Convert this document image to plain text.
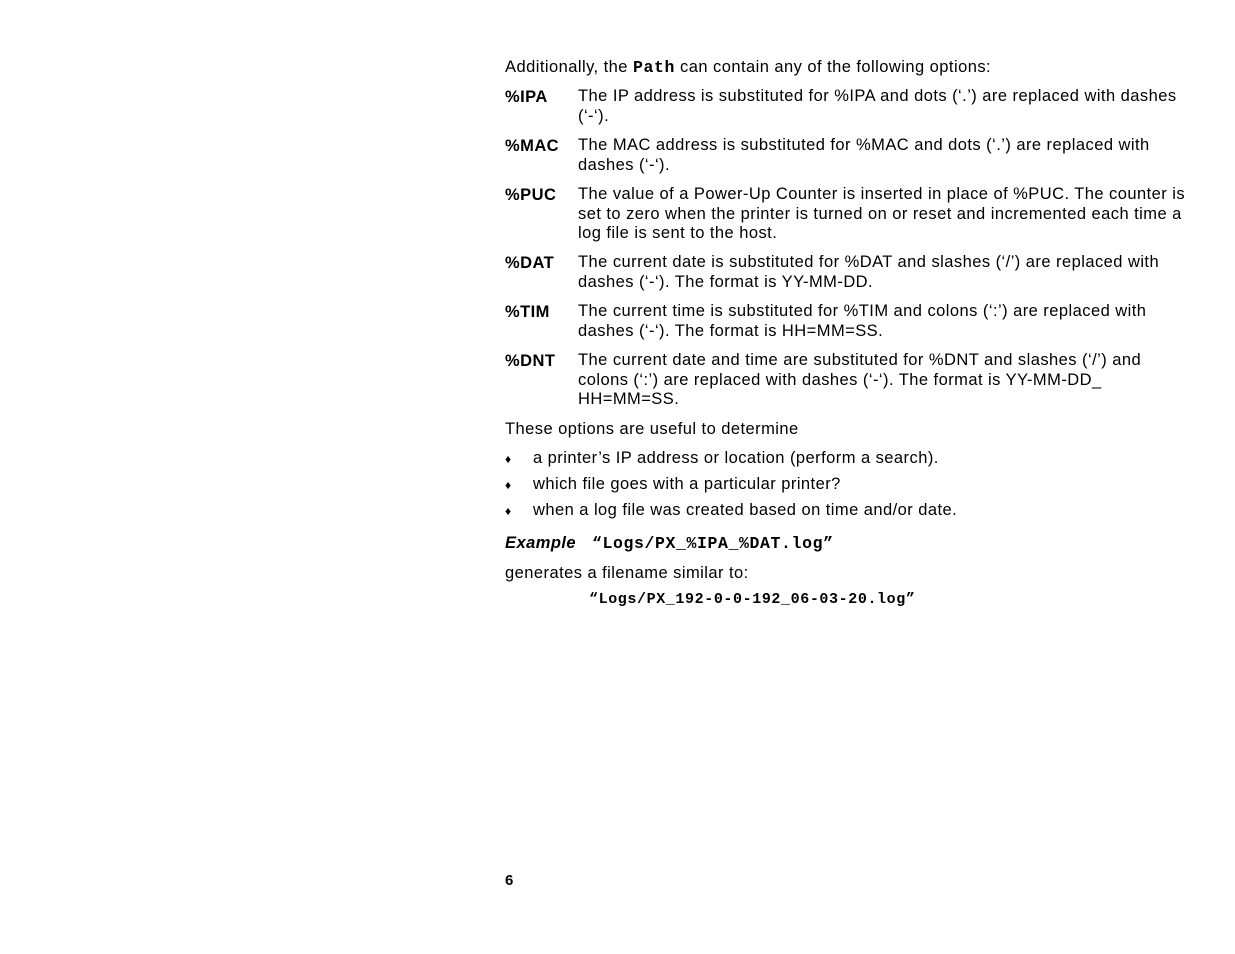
Additionally, the Path can contain any of the following options:
%IPA The IP address is substituted for %IPA and dots (‘.’) are replaced with dashes (‘-‘).
%MAC The MAC address is substituted for %MAC and dots (‘.’) are replaced with dashes (‘-‘).
%PUC The value of a Power-Up Counter is inserted in place of %PUC. The counter is set to zero when the printer is turned on or reset and incremented each time a log file is sent to the host.
%DAT The current date is substituted for %DAT and slashes (‘/’) are replaced with dashes (‘-‘). The format is YY-MM-DD.
%TIM The current time is substituted for %TIM and colons (‘:’) are replaced with dashes (‘-‘). The format is HH=MM=SS.
%DNT The current date and time are substituted for %DNT and slashes (‘/’) and colons (‘:’) are replaced with dashes (‘-‘). The format is YY-MM-DD_ HH=MM=SS.
These options are useful to determine
♦ a printer’s IP address or location (perform a search).
♦ which file goes with a particular printer?
♦ when a log file was created based on time and/or date.
Example “Logs/PX_%IPA_%DAT.log”
generates a filename similar to:
“Logs/PX_192-0-0-192_06-03-20.log”
6
